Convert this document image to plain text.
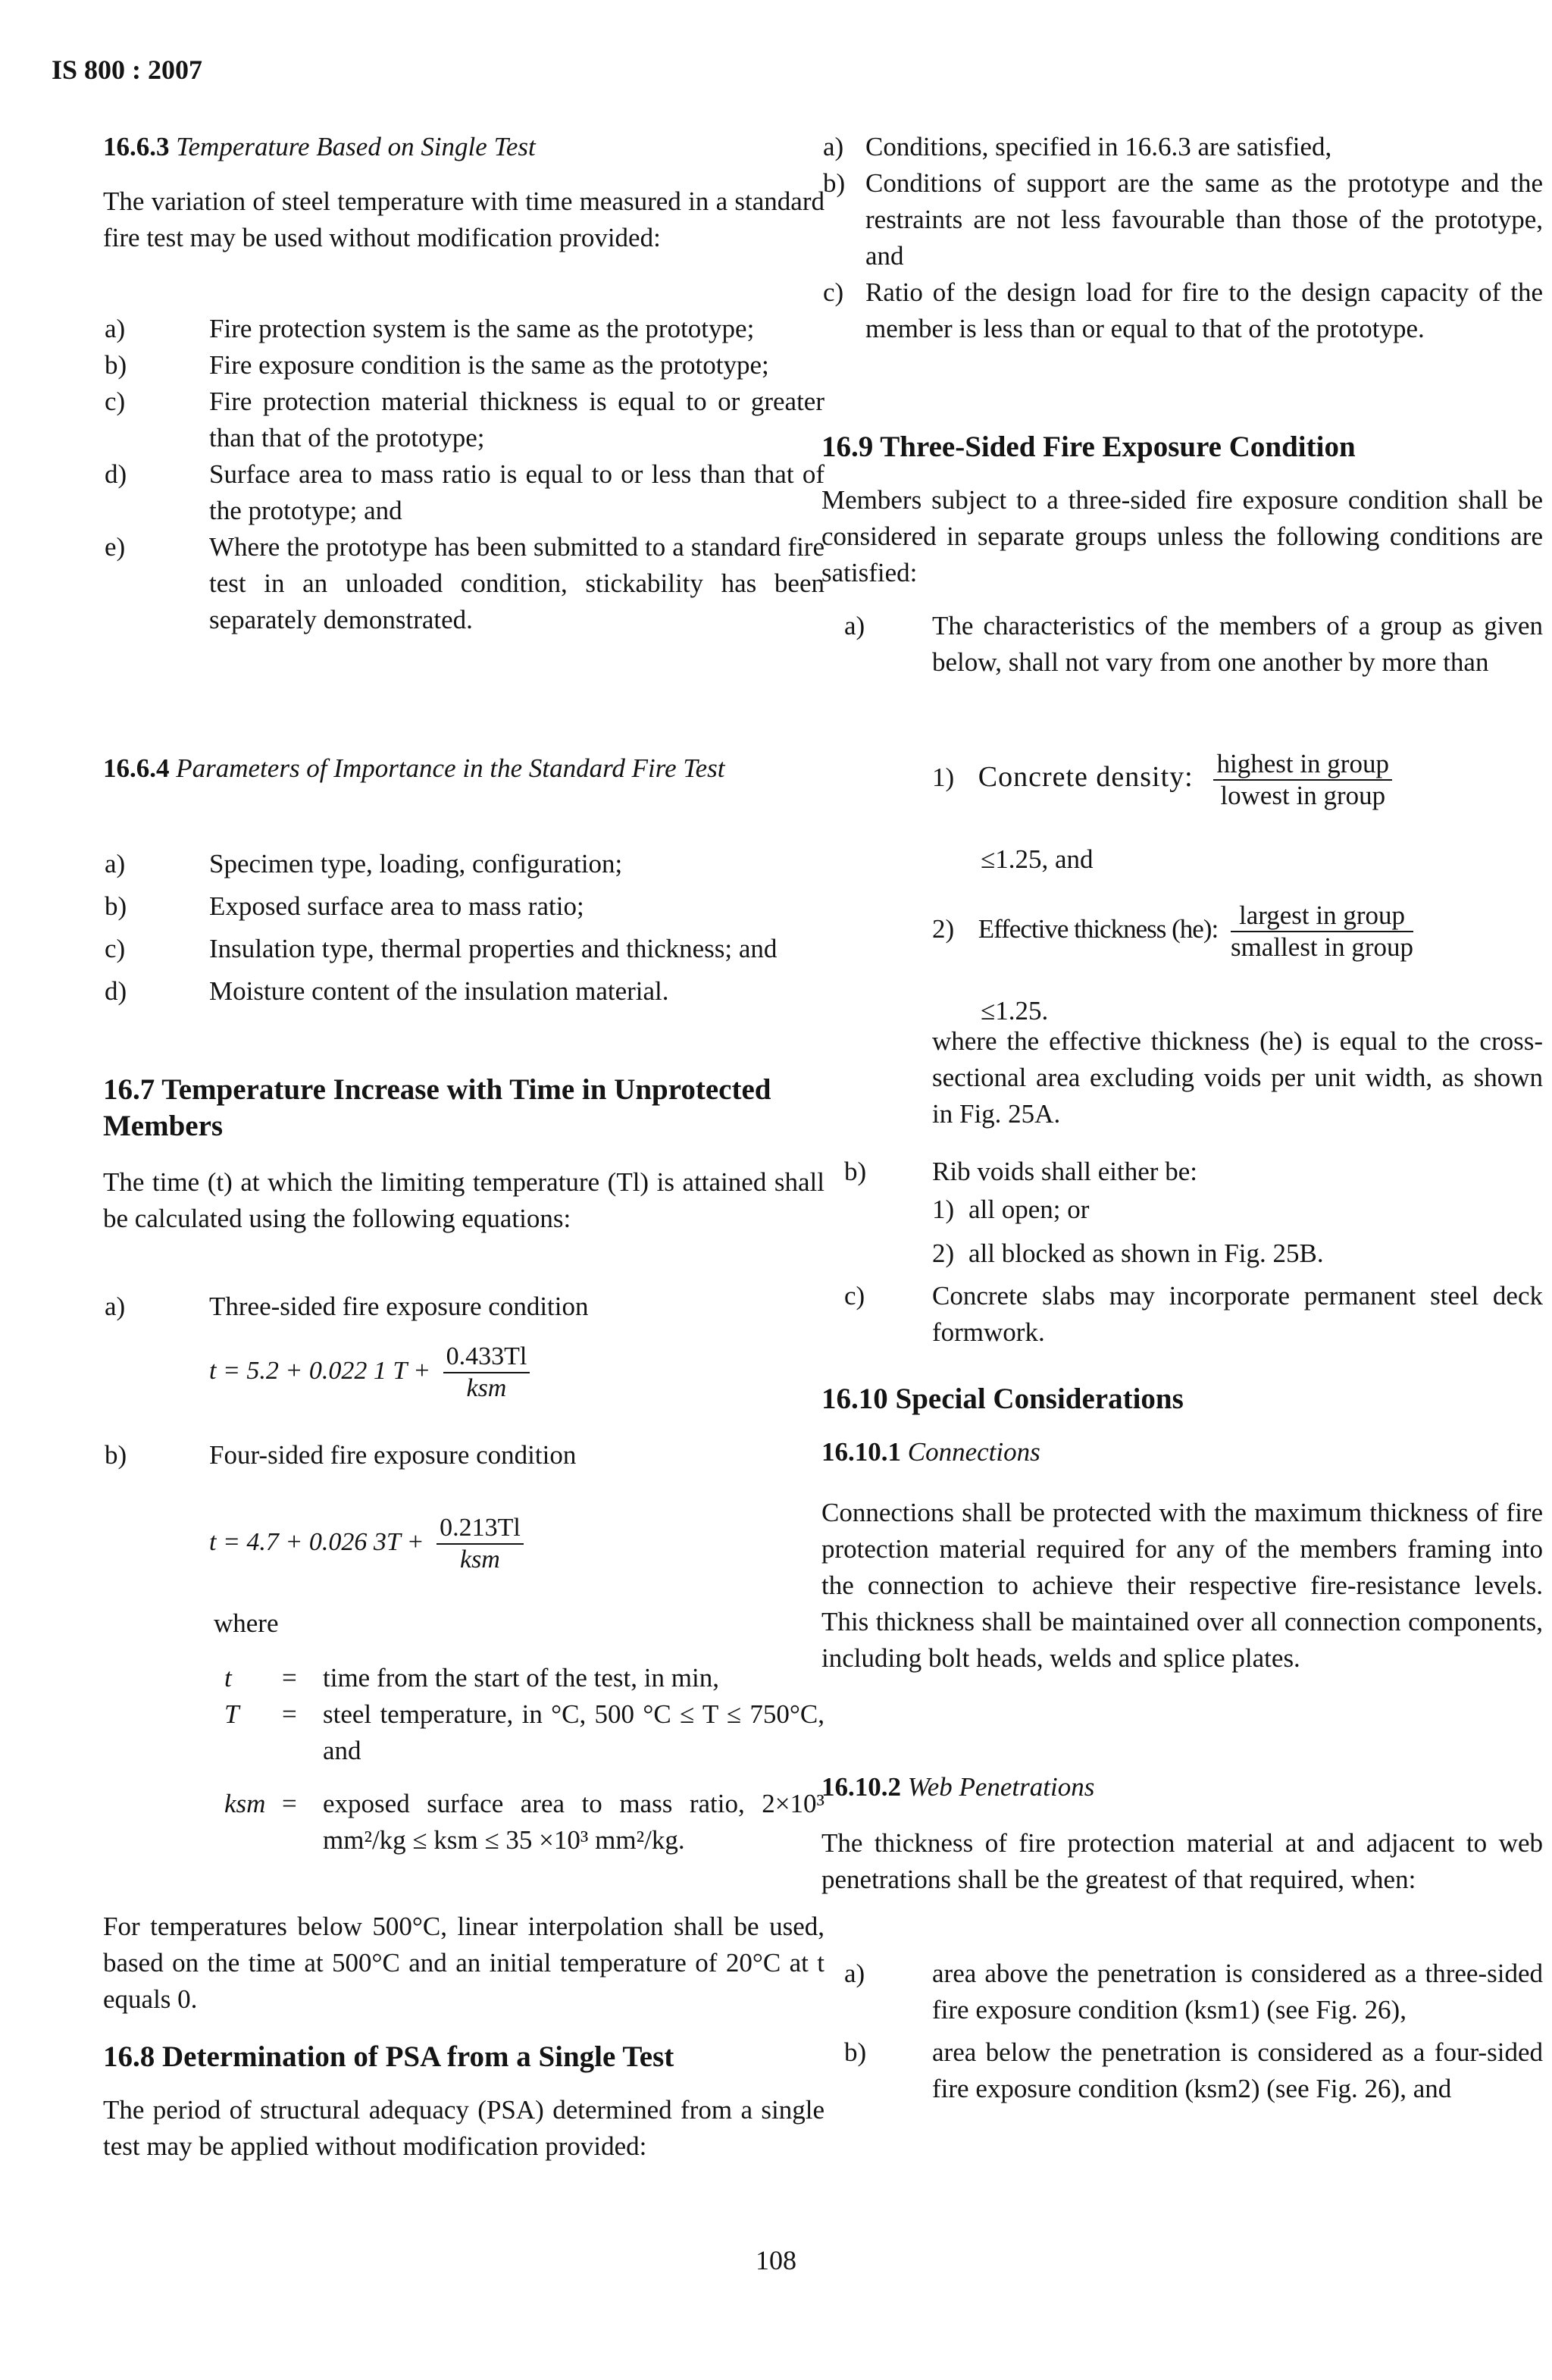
IS 800 : 2007
16.6.3 Temperature Based on Single Test
The variation of steel temperature with time measured in a standard fire test may be used without modification provided:
a)	Fire protection system is the same as the prototype;
b)	Fire exposure condition is the same as the prototype;
c)	Fire protection material thickness is equal to or greater than that of the prototype;
d)	Surface area to mass ratio is equal to or less than that of the prototype; and
e)	Where the prototype has been submitted to a standard fire test in an unloaded condition, stickability has been separately demonstrated.
16.6.4 Parameters of Importance in the Standard Fire Test
a)	Specimen type, loading, configuration;
b)	Exposed surface area to mass ratio;
c)	Insulation type, thermal properties and thickness; and
d)	Moisture content of the insulation material.
16.7 Temperature Increase with Time in Unprotected Members
The time (t) at which the limiting temperature (Tl) is attained shall be calculated using the following equations:
a)	Three-sided fire exposure condition
t = 5.2 + 0.022 1 $T + \frac{0.433Tl}{\text{ksm}}$
b)	Four-sided fire exposure condition
t = 4.7 + 0.026 $3T + \frac{0.213Tl}{\text{ksm}}$
where
t	= time from the start of the test, in min,
T	= steel temperature, in °C, 500 °C ≤ T ≤ 750°C, and
ksm = exposed surface area to mass ratio, 2×10³ mm²/kg ≤ ksm ≤ 35 ×10³ mm²/kg.
For temperatures below 500°C, linear interpolation shall be used, based on the time at 500°C and an initial temperature of 20°C at t equals 0.
16.8 Determination of PSA from a Single Test
The period of structural adequacy (PSA) determined from a single test may be applied without modification provided:
a) Conditions, specified in 16.6.3 are satisfied,
b) Conditions of support are the same as the prototype and the restraints are not less favourable than those of the prototype, and
c) Ratio of the design load for fire to the design capacity of the member is less than or equal to that of the prototype.
16.9 Three-Sided Fire Exposure Condition
Members subject to a three-sided fire exposure condition shall be considered in separate groups unless the following conditions are satisfied:
a)	The characteristics of the members of a group as given below, shall not vary from one another by more than
1) Concrete density: $\frac{\text{highest in group}}{\text{lowest in group}}$
≤1.25, and
2) Effective thickness (he): $\frac{\text{largest in group}}{\text{smallest in group}}$
≤1.25.
where the effective thickness (he) is equal to the cross-sectional area excluding voids per unit width, as shown in Fig. 25A.
b)	Rib voids shall either be:
1) all open; or
2) all blocked as shown in Fig. 25B.
c)	Concrete slabs may incorporate permanent steel deck formwork.
16.10 Special Considerations
16.10.1 Connections
Connections shall be protected with the maximum thickness of fire protection material required for any of the members framing into the connection to achieve their respective fire-resistance levels. This thickness shall be maintained over all connection components, including bolt heads, welds and splice plates.
16.10.2 Web Penetrations
The thickness of fire protection material at and adjacent to web penetrations shall be the greatest of that required, when:
a)	area above the penetration is considered as a three-sided fire exposure condition (ksm1) (see Fig. 26),
b)	area below the penetration is considered as a four-sided fire exposure condition (ksm2) (see Fig. 26), and
108
